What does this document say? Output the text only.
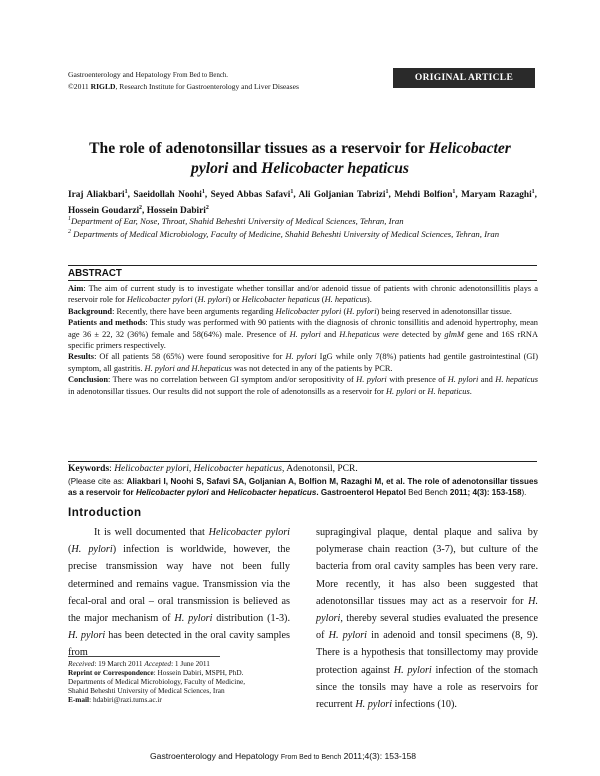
Gastroenterology and Hepatology From Bed to Bench.
©2011 RIGLD, Research Institute for Gastroenterology and Liver Diseases
ORIGINAL ARTICLE
The role of adenotonsillar tissues as a reservoir for Helicobacter
pylori and Helicobacter hepaticus
Iraj Aliakbari$^1$, Saeidollah Noohi$^1$, Seyed Abbas Safavi$^1$, Ali Goljanian Tabrizi$^1$, Mehdi Bolfion$^1$, Maryam Razaghi$^1$, Hossein Goudarzi$^2$, Hossein Dabiri$^2$
$^1$Department of Ear, Nose, Throat, Shahid Beheshti University of Medical Sciences, Tehran, Iran
$^2$ Departments of Medical Microbiology, Faculty of Medicine, Shahid Beheshti University of Medical Sciences, Tehran, Iran
ABSTRACT

Aim: The aim of current study is to investigate whether tonsillar and/or adenoid tissue of patients with chronic adenotonsillitis plays a reservoir role for Helicobacter pylori (H. pylori) or Helicobacter hepaticus (H. hepaticus).

Background: Recently, there have been arguments regarding Helicobacter pylori (H. pylori) being reserved in adenotonsillar tissue.

Patients and methods: This study was performed with 90 patients with the diagnosis of chronic tonsillitis and adenoid hypertrophy, mean age 36 ± 22, 32 (36%) female and 58(64%) male. Presence of H. pylori and H.hepaticus were detected by glmM gene and 16S rRNA specific primers respectively.

Results: Of all patients 58 (65%) were found seropositive for H. pylori IgG while only 7(8%) patients had gentile gastrointestinal (GI) symptom, all gastritis. H. pylori and H.hepaticus was not detected in any of the patients by PCR.

Conclusion: There was no correlation between GI symptom and/or seropositivity of H. pylori with presence of H. pylori and H. hepaticus in adenotonsillar tissues. Our results did not support the role of adenotonsills as a reservoir for H. pylori or H. hepaticus.

Keywords: Helicobacter pylori, Helicobacter hepaticus, Adenotonsil, PCR.
(Please cite as: Aliakbari I, Noohi S, Safavi SA, Goljanian A, Bolfion M, Razaghi M, et al. The role of adenotonsillar tissues as a reservoir for Helicobacter pylori and Helicobacter hepaticus. Gastroenterol Hepatol Bed Bench 2011; 4(3): 153-158).
Introduction

It is well documented that Helicobacter pylori (H. pylori) infection is worldwide, however, the precise transmission way have not been fully determined and remains vague. Transmission via the fecal-oral and oral – oral transmission is believed as the major mechanism of H. pylori distribution (1-3). H. pylori has been detected in the oral cavity samples from

supragingival plaque, dental plaque and saliva by polymerase chain reaction (3-7), but culture of the bacteria from oral cavity samples has been very rare. More recently, it has also been suggested that adenotonsillar tissues may act as a reservoir for H. pylori, thereby several studies evaluated the presence of H. pylori in adenoid and tonsil specimens (8, 9). There is a hypothesis that tonsillectomy may provide protection against H. pylori infection of the stomach since the tonsils may have a role as reservoirs for recurrent H. pylori infections (10).

Received: 19 March 2011 Accepted: 1 June 2011

Reprint or Correspondence: Hossein Dabiri, MSPH, PhD.

Departments of Medical Microbiology, Faculty of Medicine,

Shahid Beheshti University of Medical Sciences, Iran

E-mail: hdabiri@razi.tums.ac.ir

Gastroenterology and Hepatology From Bed to Bench 2011;4(3): 153-158
